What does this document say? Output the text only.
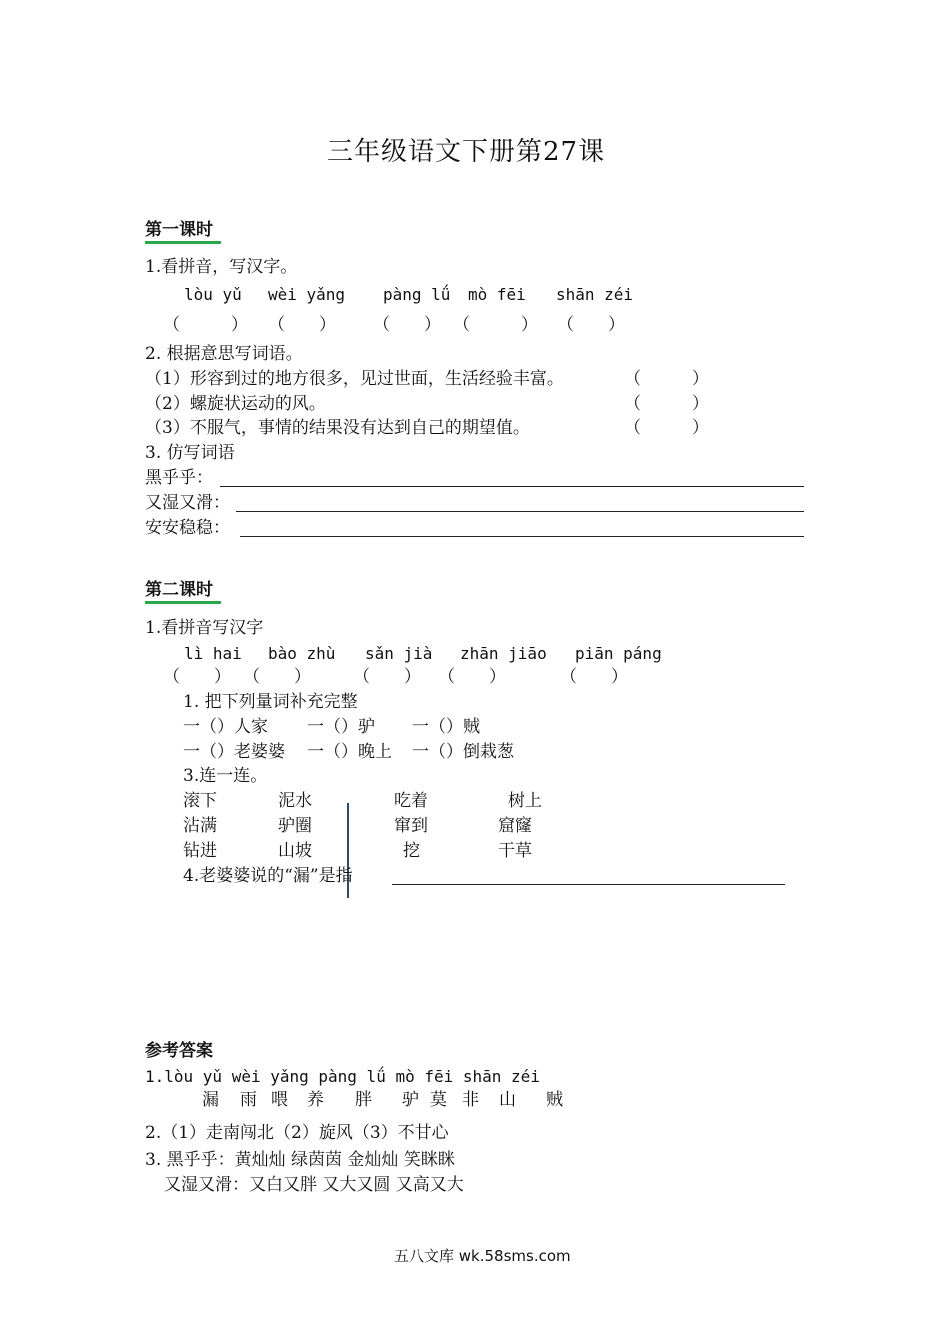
三年级语文下册第27课
第一课时
1.看拼音，写汉字。
lòu yǔ wèi yǎng pàng lǘ mò fēi shān zéi
（　　　） （　　） （　　） （　　　） （　　）
2. 根据意思写词语。
（1）形容到过的地方很多，见过世面，生活经验丰富。	（　　　）
（2）螺旋状运动的风。	（　　　）
（3）不服气，事情的结果没有达到自己的期望值。	（　　　）
3. 仿写词语
黑乎乎：
又湿又滑：
安安稳稳：
第二课时
1.看拼音写汉字
lì hai bào zhù sǎn jià zhān jiāo piān páng
（　　） （　　） （　　） （　　）	（　　）
1. 把下列量词补充完整
一（）人家 一（）驴 一（）贼
一（）老婆婆 一（）晚上 一（）倒栽葱
3.连一连。
滚下	泥水	吃着	树上
沾满	驴圈	窜到	窟窿
钻进	山坡	挖	干草
4.老婆婆说的“漏”是指
参考答案
1.lòu yǔ wèi yǎng pàng lǘ mò fēi shān zéi
漏 雨 喂 养 胖 驴 莫 非 山 贼
2.（1）走南闯北（2）旋风（3）不甘心
3. 黑乎乎：黄灿灿 绿茵茵 金灿灿 笑眯眯
又湿又滑：又白又胖 又大又圆 又高又大
五八文库 wk.58sms.com
